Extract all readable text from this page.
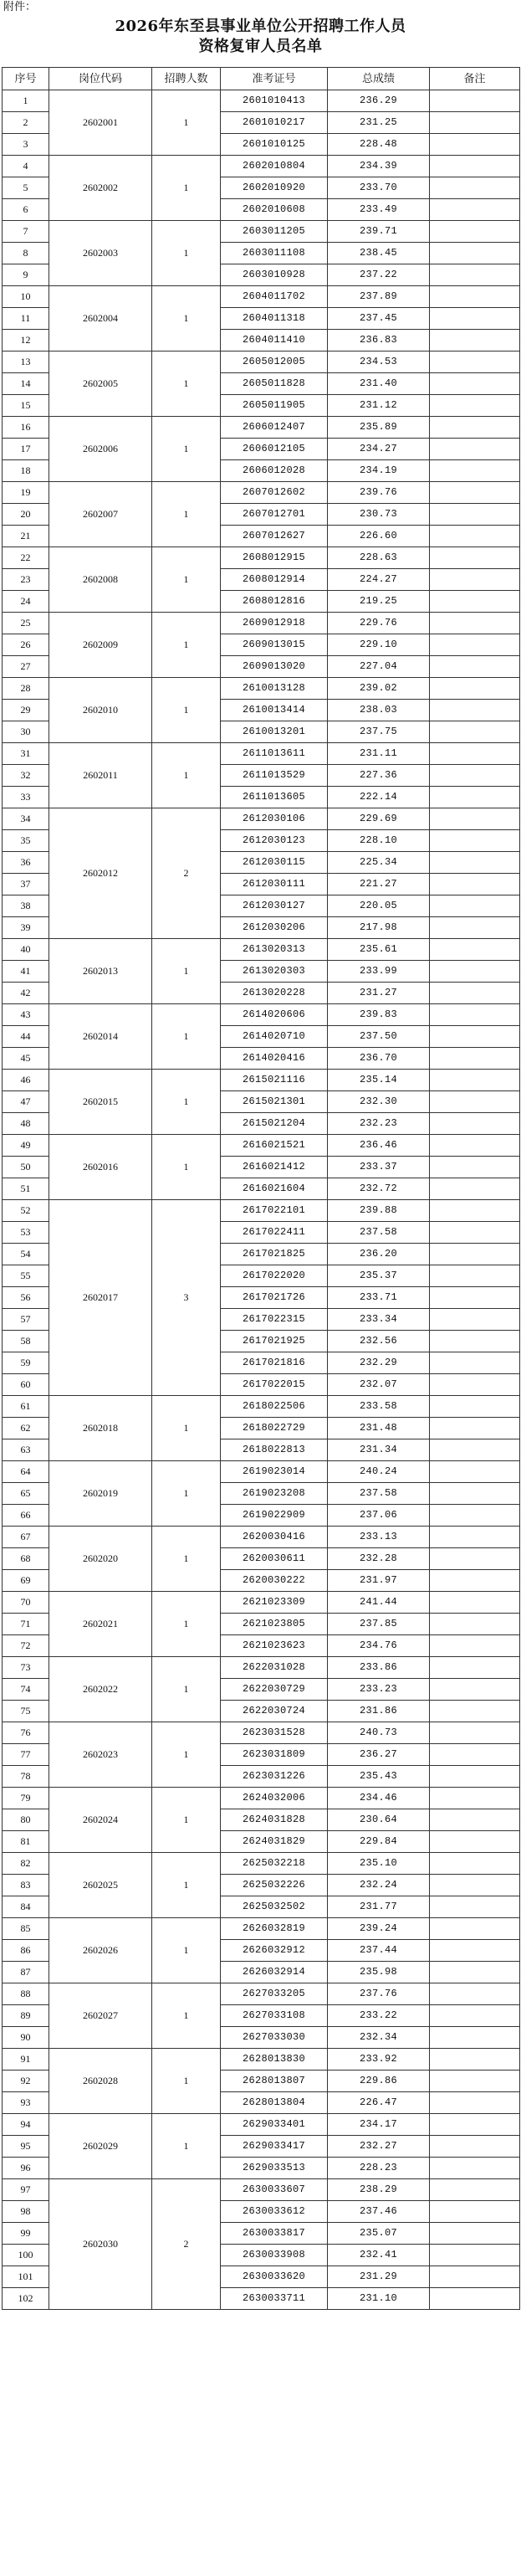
附件：
2026年东至县事业单位公开招聘工作人员
资格复审人员名单
序号	岗位代码	招聘人数	准考证号	总成绩	备注
1	2602001	1	2601010413	236.29	
2			2601010217	231.25	
3			2601010125	228.48	
4	2602002	1	2602010804	234.39	
5			2602010920	233.70	
6			2602010608	233.49	
7	2602003	1	2603011205	239.71	
8			2603011108	238.45	
9			2603010928	237.22	
10	2602004	1	2604011702	237.89	
11			2604011318	237.45	
12			2604011410	236.83	
13	2602005	1	2605012005	234.53	
14			2605011828	231.40	
15			2605011905	231.12	
16	2602006	1	2606012407	235.89	
17			2606012105	234.27	
18			2606012028	234.19	
19	2602007	1	2607012602	239.76	
20			2607012701	230.73	
21			2607012627	226.60	
22	2602008	1	2608012915	228.63	
23			2608012914	224.27	
24			2608012816	219.25	
25	2602009	1	2609012918	229.76	
26			2609013015	229.10	
27			2609013020	227.04	
28	2602010	1	2610013128	239.02	
29			2610013414	238.03	
30			2610013201	237.75	
31	2602011	1	2611013611	231.11	
32			2611013529	227.36	
33			2611013605	222.14	
34	2602012	2	2612030106	229.69	
35			2612030123	228.10	
36			2612030115	225.34	
37			2612030111	221.27	
38			2612030127	220.05	
39			2612030206	217.98	
40	2602013	1	2613020313	235.61	
41			2613020303	233.99	
42			2613020228	231.27	
43	2602014	1	2614020606	239.83	
44			2614020710	237.50	
45			2614020416	236.70	
46	2602015	1	2615021116	235.14	
47			2615021301	232.30	
48			2615021204	232.23	
49	2602016	1	2616021521	236.46	
50			2616021412	233.37	
51			2616021604	232.72	
52	2602017	3	2617022101	239.88	
53			2617022411	237.58	
54			2617021825	236.20	
55			2617022020	235.37	
56			2617021726	233.71	
57			2617022315	233.34	
58			2617021925	232.56	
59			2617021816	232.29	
60			2617022015	232.07	
61	2602018	1	2618022506	233.58	
62			2618022729	231.48	
63			2618022813	231.34	
64	2602019	1	2619023014	240.24	
65			2619023208	237.58	
66			2619022909	237.06	
67	2602020	1	2620030416	233.13	
68			2620030611	232.28	
69			2620030222	231.97	
70	2602021	1	2621023309	241.44	
71			2621023805	237.85	
72			2621023623	234.76	
73	2602022	1	2622031028	233.86	
74			2622030729	233.23	
75			2622030724	231.86	
76	2602023	1	2623031528	240.73	
77			2623031809	236.27	
78			2623031226	235.43	
79	2602024	1	2624032006	234.46	
80			2624031828	230.64	
81			2624031829	229.84	
82	2602025	1	2625032218	235.10	
83			2625032226	232.24	
84			2625032502	231.77	
85	2602026	1	2626032819	239.24	
86			2626032912	237.44	
87			2626032914	235.98	
88	2602027	1	2627033205	237.76	
89			2627033108	233.22	
90			2627033030	232.34	
91	2602028	1	2628013830	233.92	
92			2628013807	229.86	
93			2628013804	226.47	
94	2602029	1	2629033401	234.17	
95			2629033417	232.27	
96			2629033513	228.23	
97	2602030	2	2630033607	238.29	
98			2630033612	237.46	
99			2630033817	235.07	
100			2630033908	232.41	
101			2630033620	231.29	
102			2630033711	231.10	
